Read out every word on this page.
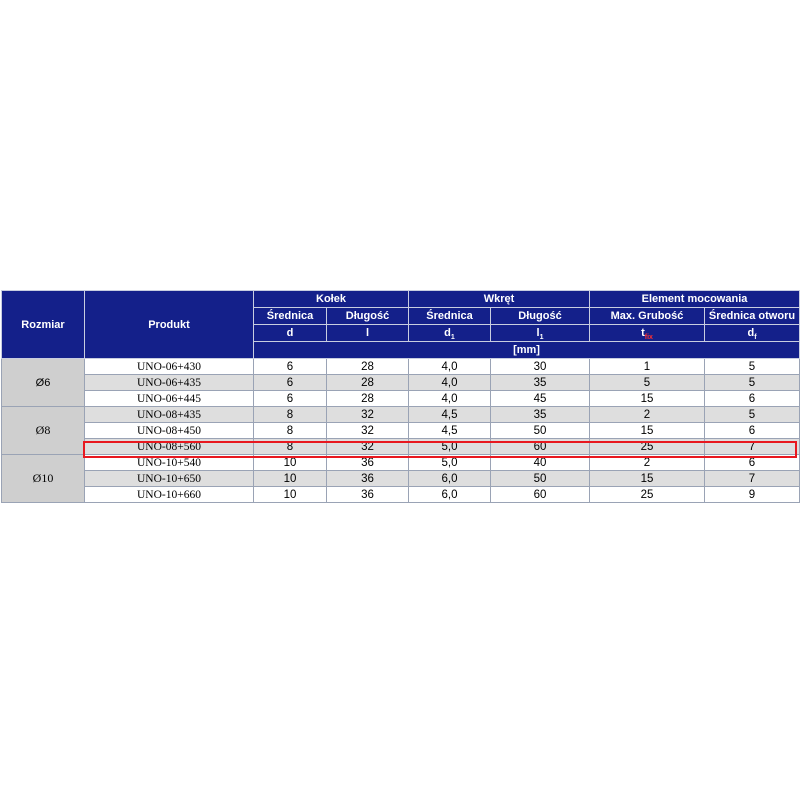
Rozmiar	Produkt	Kołek		Wkręt		Element mocowania	
		Średnica	Długość	Średnica	Długość	Max. Grubość	Średnica otworu
		d	l	$d_1$	$l_1$	$t_{fix}$	$d_f$
		[mm]					
Ø6	UNO-06+430	6	28	4,0	30	1	5
	UNO-06+435	6	28	4,0	35	5	5
	UNO-06+445	6	28	4,0	45	15	6
Ø8	UNO-08+435	8	32	4,5	35	2	5
	UNO-08+450	8	32	4,5	50	15	6
	UNO-08+560	8	32	5,0	60	25	7
Ø10	UNO-10+540	10	36	5,0	40	2	6
	UNO-10+650	10	36	6,0	50	15	7
	UNO-10+660	10	36	6,0	60	25	9
